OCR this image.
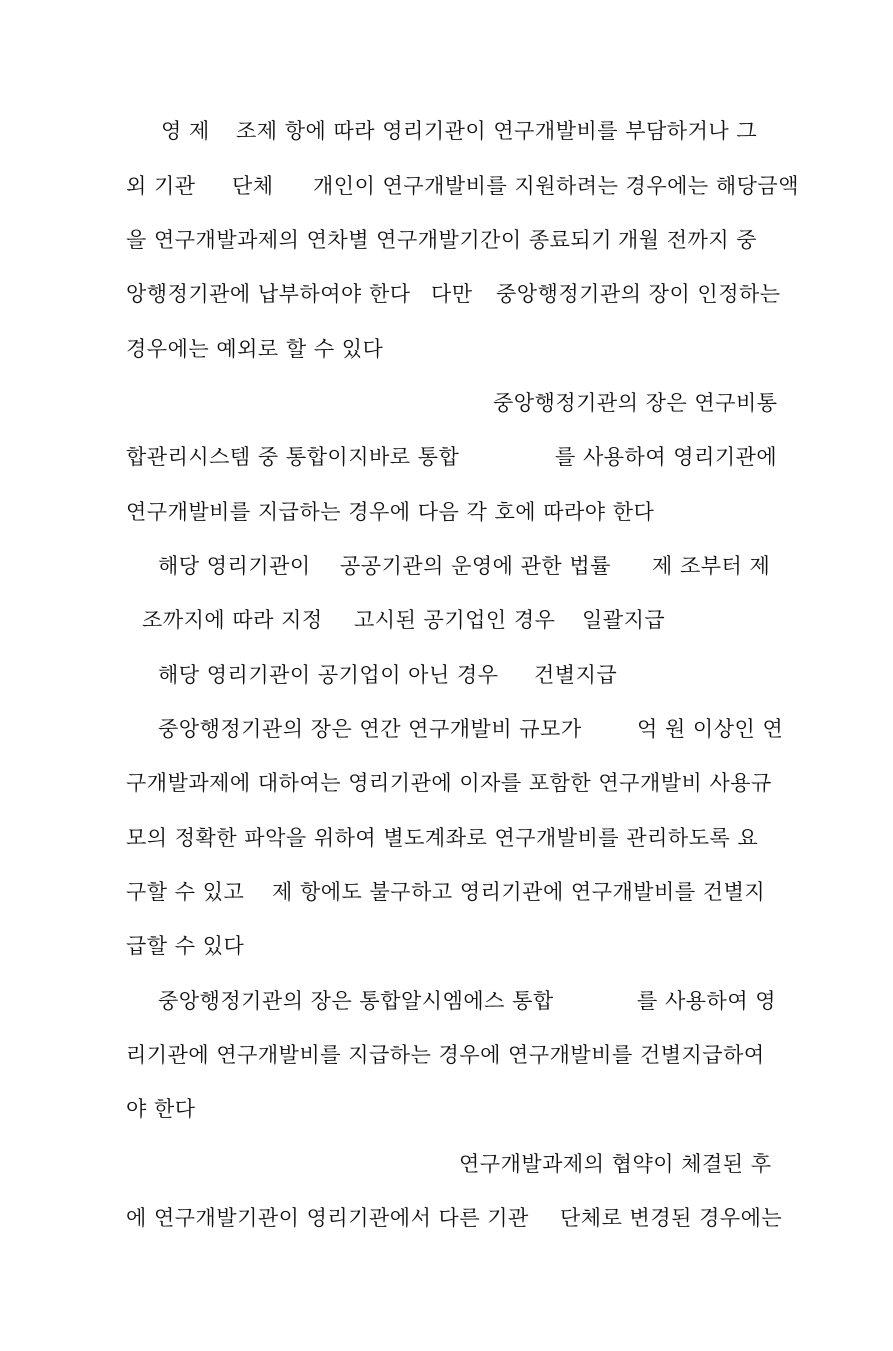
영 제

조제 항에 따라 영리기관이 연구개발비를 부담하거나 그

외 기관

단체

개인이 연구개발비를 지원하려는 경우에는 해당금액

을 연구개발과제의 연차별 연구개발기간이 종료되기

개월 전까지 중

앙행정기관에 납부하여야 한다

다만

중앙행정기관의 장이 인정하는

경우에는 예외로 할 수 있다

중앙행정기관의 장은 연구비통

합관리시스템 중 통합이지바로 통합

	를 사용하여 영리기관에

연구개발비를 지급하는 경우에 다음 각 호에 따라야 한다

해당 영리기관이

공공기관의 운영에 관한 법률

제 조부터 제

조까지에 따라 지정

고시된 공기업인 경우

일괄지급

해당 영리기관이 공기업이 아닌 경우

건별지급

중앙행정기관의 장은 연간 연구개발비 규모가

	억 원 이상인 연

구개발과제에 대하여는 영리기관에 이자를 포함한 연구개발비 사용규

모의 정확한 파악을 위하여 별도계좌로 연구개발비를 관리하도록 요

구할 수 있고

제 항에도 불구하고 영리기관에 연구개발비를 건별지

급할 수 있다

중앙행정기관의 장은 통합알시엠에스 통합

	를 사용하여 영

리기관에 연구개발비를 지급하는 경우에 연구개발비를 건별지급하여

야 한다

연구개발과제의 협약이 체결된 후

에 연구개발기관이 영리기관에서 다른 기관

단체로 변경된 경우에는
